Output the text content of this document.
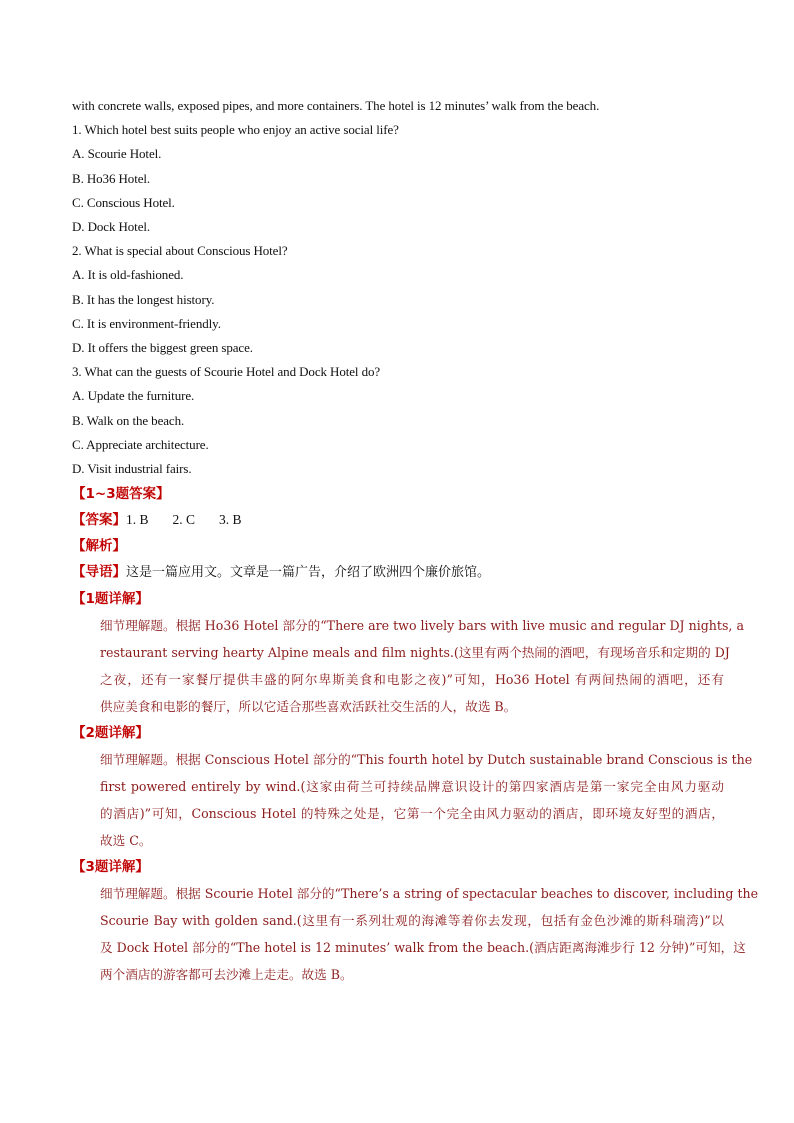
with concrete walls, exposed pipes, and more containers. The hotel is 12 minutes’ walk from the beach.
1. Which hotel best suits people who enjoy an active social life?
A. Scourie Hotel.
B. Ho36 Hotel.
C. Conscious Hotel.
D. Dock Hotel.
2. What is special about Conscious Hotel?
A. It is old-fashioned.
B. It has the longest history.
C. It is environment-friendly.
D. It offers the biggest green space.
3. What can the guests of Scourie Hotel and Dock Hotel do?
A. Update the furniture.
B. Walk on the beach.
C. Appreciate architecture.
D. Visit industrial fairs.
【1~3题答案】
【答案】1. B 2. C 3. B
【解析】
【导语】这是一篇应用文。文章是一篇广告，介绍了欧洲四个廉价旅馆。
【1题详解】
细节理解题。根据 Ho36 Hotel 部分的“There are two lively bars with live music and regular DJ nights, a
restaurant serving hearty Alpine meals and film nights.(这里有两个热闹的酒吧，有现场音乐和定期的 DJ
之夜，还有一家餐厅提供丰盛的阿尔卑斯美食和电影之夜)”可知，Ho36 Hotel 有两间热闹的酒吧，还有
供应美食和电影的餐厅，所以它适合那些喜欢活跃社交生活的人，故选 B。
【2题详解】
细节理解题。根据 Conscious Hotel 部分的“This fourth hotel by Dutch sustainable brand Conscious is the
first powered entirely by wind.(这家由荷兰可持续品牌意识设计的第四家酒店是第一家完全由风力驱动
的酒店)”可知，Conscious Hotel 的特殊之处是，它第一个完全由风力驱动的酒店，即环境友好型的酒店，
故选 C。
【3题详解】
细节理解题。根据 Scourie Hotel 部分的“There’s a string of spectacular beaches to discover, including the
Scourie Bay with golden sand.(这里有一系列壮观的海滩等着你去发现，包括有金色沙滩的斯科瑞湾)”以
及 Dock Hotel 部分的“The hotel is 12 minutes’ walk from the beach.(酒店距离海滩步行 12 分钟)”可知，这
两个酒店的游客都可去沙滩上走走。故选 B。
